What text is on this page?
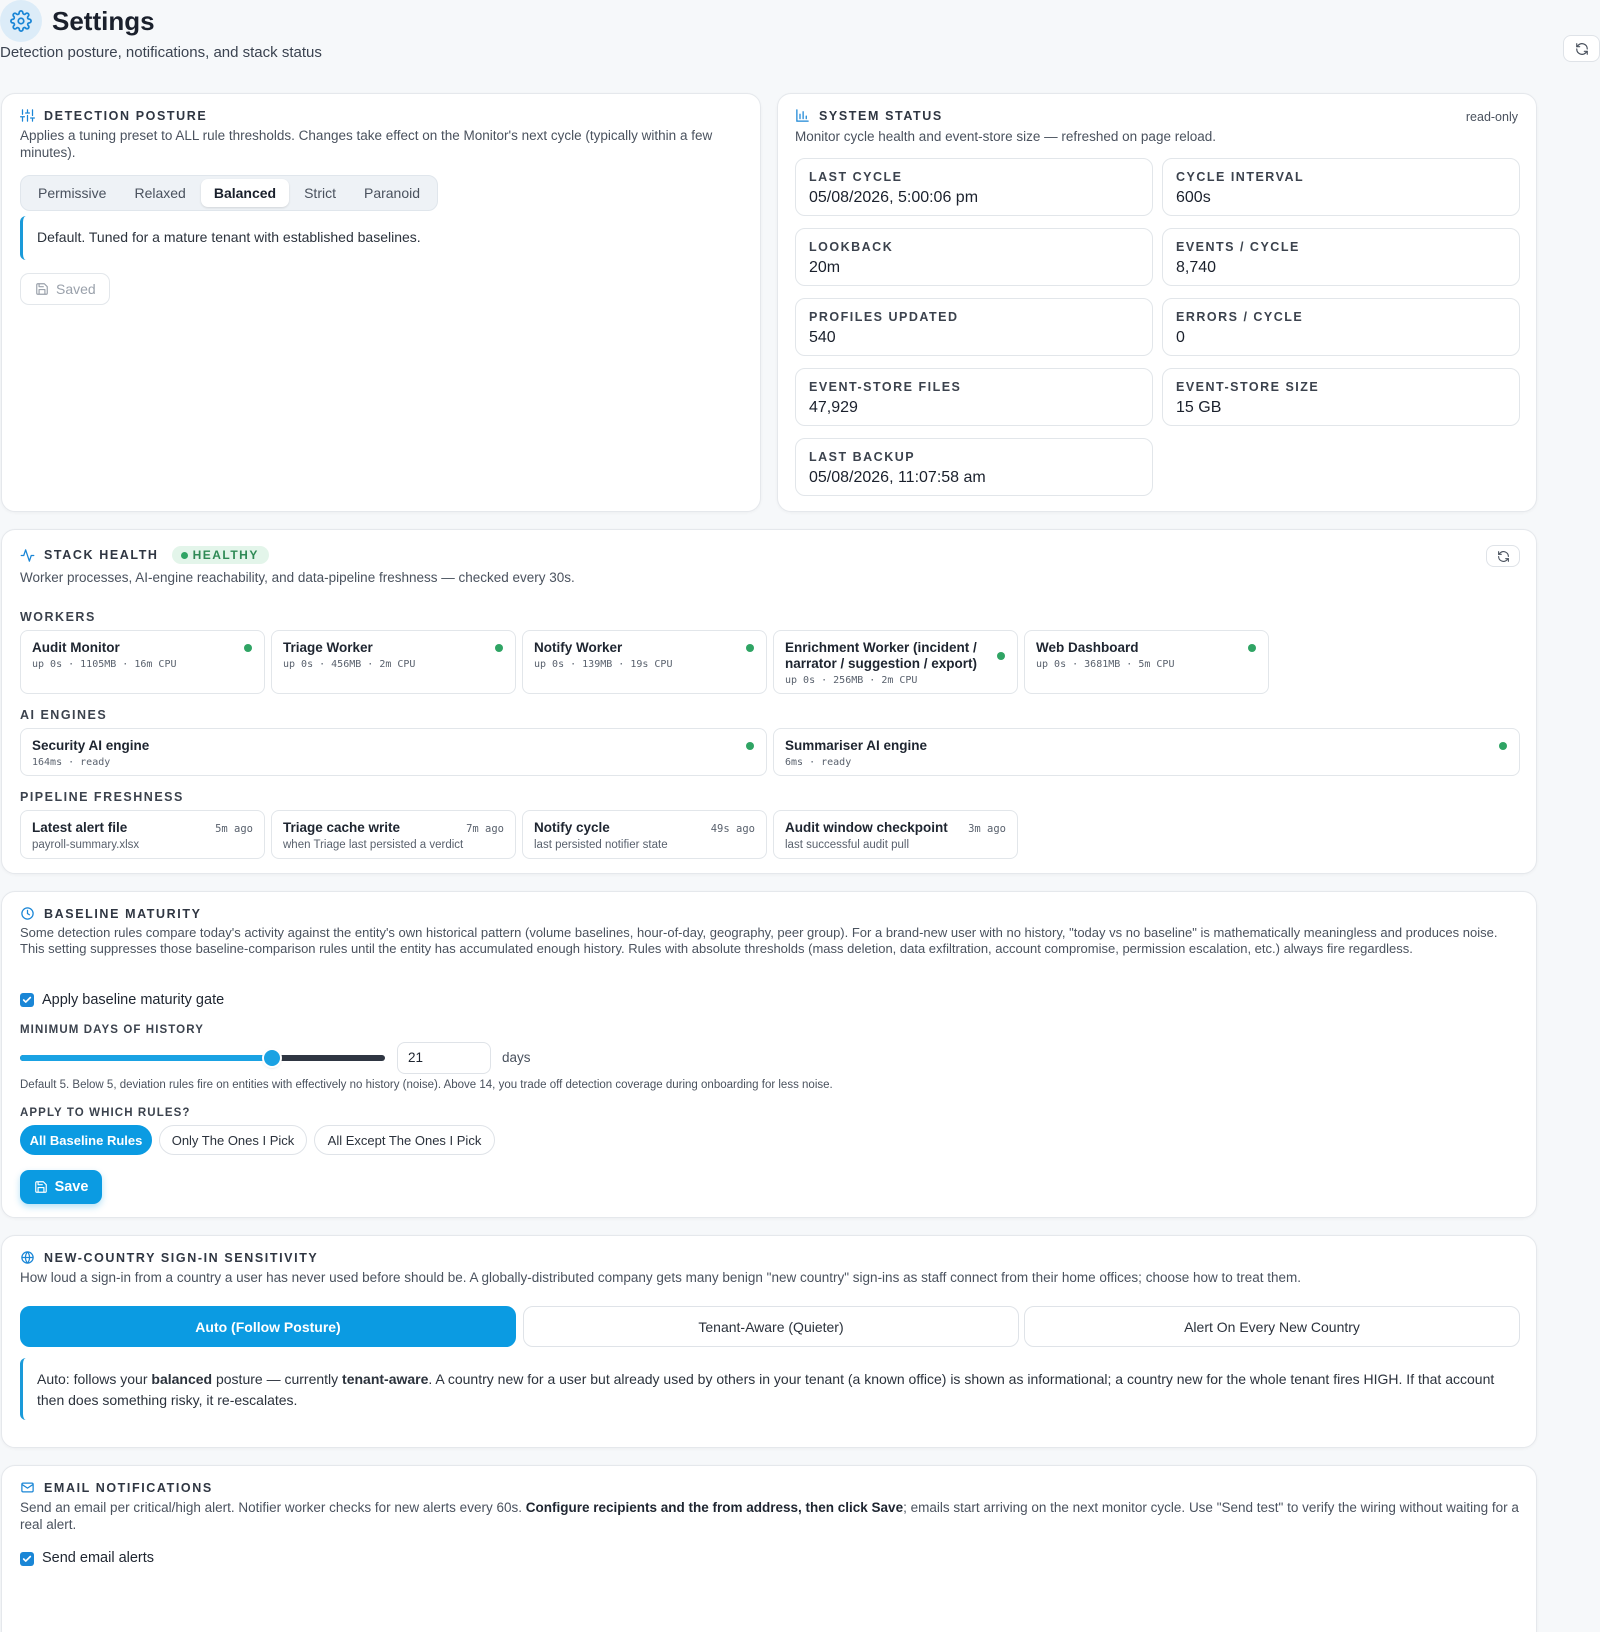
Settings
Detection posture, notifications, and stack status
DETECTION POSTURE
Applies a tuning preset to ALL rule thresholds. Changes take effect on the Monitor's next cycle (typically within a few minutes).
Permissive	Relaxed	Balanced	Strict	Paranoid
Default. Tuned for a mature tenant with established baselines.
Saved
SYSTEM STATUS	read-only
Monitor cycle health and event-store size — refreshed on page reload.
LAST CYCLE
05/08/2026, 5:00:06 pm
CYCLE INTERVAL
600s
LOOKBACK
20m
EVENTS / CYCLE
8,740
PROFILES UPDATED
540
ERRORS / CYCLE
0
EVENT-STORE FILES
47,929
EVENT-STORE SIZE
15 GB
LAST BACKUP
05/08/2026, 11:07:58 am
STACK HEALTH	HEALTHY
Worker processes, AI-engine reachability, and data-pipeline freshness — checked every 30s.
WORKERS
Audit Monitor
up 0s · 1105MB · 16m CPU
Triage Worker
up 0s · 456MB · 2m CPU
Notify Worker
up 0s · 139MB · 19s CPU
Enrichment Worker (incident / narrator / suggestion / export)
up 0s · 256MB · 2m CPU
Web Dashboard
up 0s · 3681MB · 5m CPU
AI ENGINES
Security AI engine
164ms · ready
Summariser AI engine
6ms · ready
PIPELINE FRESHNESS
Latest alert file	5m ago
payroll-summary.xlsx
Triage cache write	7m ago
when Triage last persisted a verdict
Notify cycle	49s ago
last persisted notifier state
Audit window checkpoint 3m ago
last successful audit pull
BASELINE MATURITY
Some detection rules compare today's activity against the entity's own historical pattern (volume baselines, hour-of-day, geography, peer group). For a brand-new user with no history, "today vs no baseline" is mathematically meaningless and produces noise. This setting suppresses those baseline-comparison rules until the entity has accumulated enough history. Rules with absolute thresholds (mass deletion, data exfiltration, account compromise, permission escalation, etc.) always fire regardless.
Apply baseline maturity gate
MINIMUM DAYS OF HISTORY
21	days
Default 5. Below 5, deviation rules fire on entities with effectively no history (noise). Above 14, you trade off detection coverage during onboarding for less noise.
APPLY TO WHICH RULES?
All Baseline Rules	Only The Ones I Pick	All Except The Ones I Pick
Save
NEW-COUNTRY SIGN-IN SENSITIVITY
How loud a sign-in from a country a user has never used before should be. A globally-distributed company gets many benign "new country" sign-ins as staff connect from their home offices; choose how to treat them.
Auto (Follow Posture)	Tenant-Aware (Quieter)	Alert On Every New Country
Auto: follows your balanced posture — currently tenant-aware. A country new for a user but already used by others in your tenant (a known office) is shown as informational; a country new for the whole tenant fires HIGH. If that account then does something risky, it re-escalates.
EMAIL NOTIFICATIONS
Send an email per critical/high alert. Notifier worker checks for new alerts every 60s. Configure recipients and the from address, then click Save; emails start arriving on the next monitor cycle. Use "Send test" to verify the wiring without waiting for a real alert.
Send email alerts
